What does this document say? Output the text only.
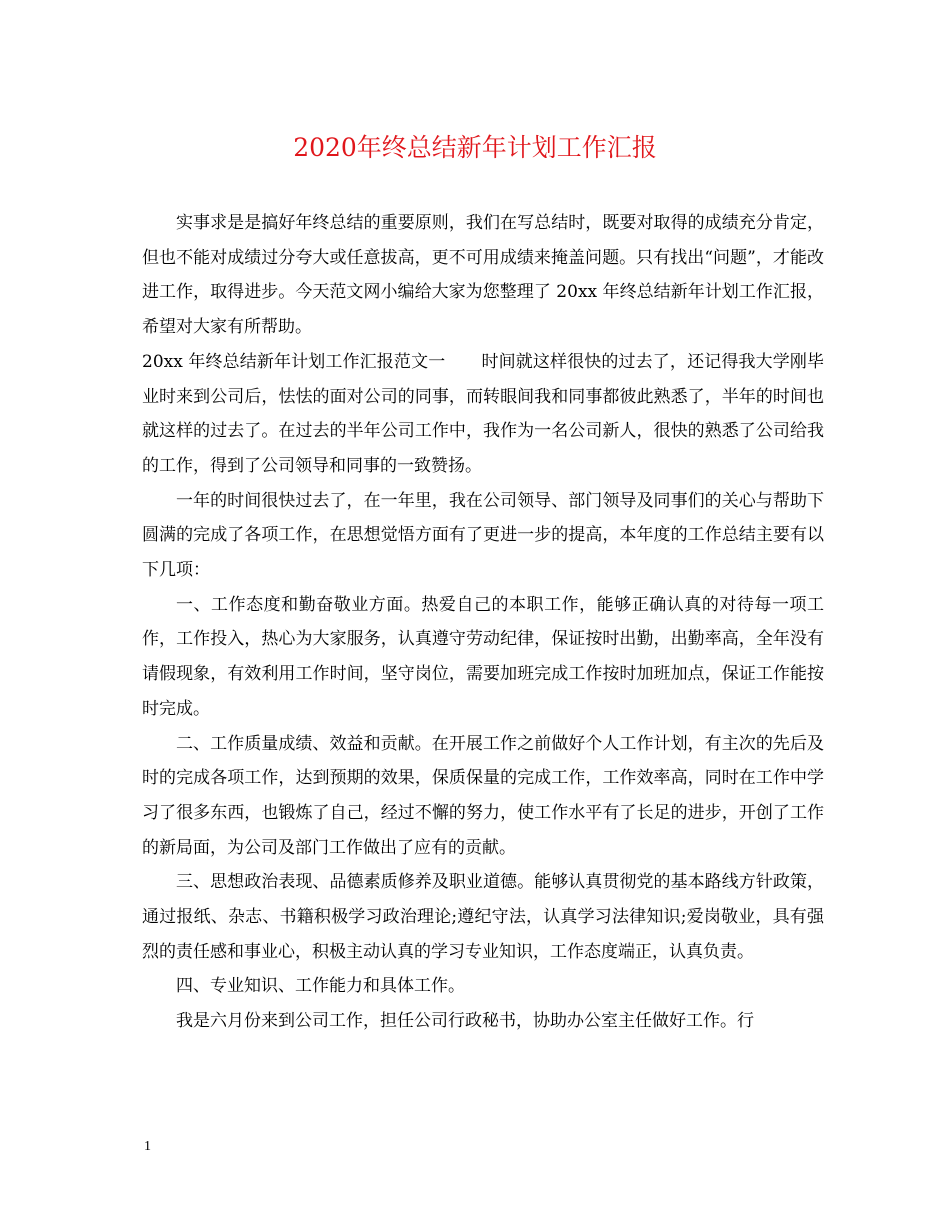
2020年终总结新年计划工作汇报

实事求是是搞好年终总结的重要原则，我们在写总结时，既要对取得的成绩充分肯定，但也不能对成绩过分夸大或任意拔高，更不可用成绩来掩盖问题。只有找出“问题”，才能改进工作，取得进步。今天范文网小编给大家为您整理了 20xx 年终总结新年计划工作汇报，希望对大家有所帮助。

20xx 年终总结新年计划工作汇报范文一 时间就这样很快的过去了，还记得我大学刚毕业时来到公司后，怯怯的面对公司的同事，而转眼间我和同事都彼此熟悉了，半年的时间也就这样的过去了。在过去的半年公司工作中，我作为一名公司新人，很快的熟悉了公司给我的工作，得到了公司领导和同事的一致赞扬。

一年的时间很快过去了，在一年里，我在公司领导、部门领导及同事们的关心与帮助下圆满的完成了各项工作，在思想觉悟方面有了更进一步的提高，本年度的工作总结主要有以下几项：

一、工作态度和勤奋敬业方面。热爱自己的本职工作，能够正确认真的对待每一项工作，工作投入，热心为大家服务，认真遵守劳动纪律，保证按时出勤，出勤率高，全年没有请假现象，有效利用工作时间，坚守岗位，需要加班完成工作按时加班加点，保证工作能按时完成。

二、工作质量成绩、效益和贡献。在开展工作之前做好个人工作计划，有主次的先后及时的完成各项工作，达到预期的效果，保质保量的完成工作，工作效率高，同时在工作中学习了很多东西，也锻炼了自己，经过不懈的努力，使工作水平有了长足的进步，开创了工作的新局面，为公司及部门工作做出了应有的贡献。

三、思想政治表现、品德素质修养及职业道德。能够认真贯彻党的基本路线方针政策，通过报纸、杂志、书籍积极学习政治理论;遵纪守法，认真学习法律知识;爱岗敬业，具有强烈的责任感和事业心，积极主动认真的学习专业知识，工作态度端正，认真负责。

四、专业知识、工作能力和具体工作。

我是六月份来到公司工作，担任公司行政秘书，协助办公室主任做好工作。行

1
